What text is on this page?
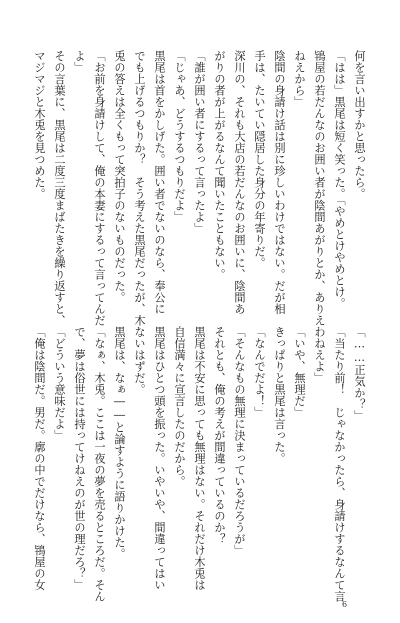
何を言い出すかと思ったら。
「はは」黒尾は短く笑った。「やめとけやめとけ。
鴇屋の若だんなのお囲い者が陰間あがりとか、ありえ
ねえから」
陰間の身請け話は別に珍しいわけではない。だが相
手は、たいてい隠居した身分の年寄りだ。
深川の、それも大店の若だんなのお囲いに、陰間あ
がりの者が上がるなんて聞いたこともない。
「誰が囲い者にするって言ったよ」
「じゃあ、どうするつもりだよ」
黒尾は首をかしげた。囲い者でないのなら、奉公に
でも上げるつもりか？　そう考えた黒尾だったが、木
兎の答えは全くもって突拍子のないものだった。
「お前を身請けして、俺の本妻にするって言ってんだ
よ」
その言葉に、黒尾は二度三度まばたきを繰り返すと、
マジマジと木兎を見つめた。
「……正気か？」
「当たり前！　じゃなかったら、身請けするなんて言
わねえよ」
「いや、無理だ」
きっぱりと黒尾は言った。
「なんでだよ！」
「そんなもの無理に決まっているだろうが」
それとも、俺の考えが間違っているのか？
黒尾は不安に思っても無理はない。それだけ木兎は
自信満々に宣言したのだから。
黒尾はひとつ頭を振った。いやいや、間違ってはい
ないはずだ。
黒尾は、なぁ――と論すように語りかけた。
「なぁ、木兎。ここは一夜の夢を売るところだ。そん
で、夢は俗世には持ってけねえのが世の理だろ？」
「どういう意味だよ」
「俺は陰間だ。男だ。廓の中でだけなら、鴇屋の女
6
